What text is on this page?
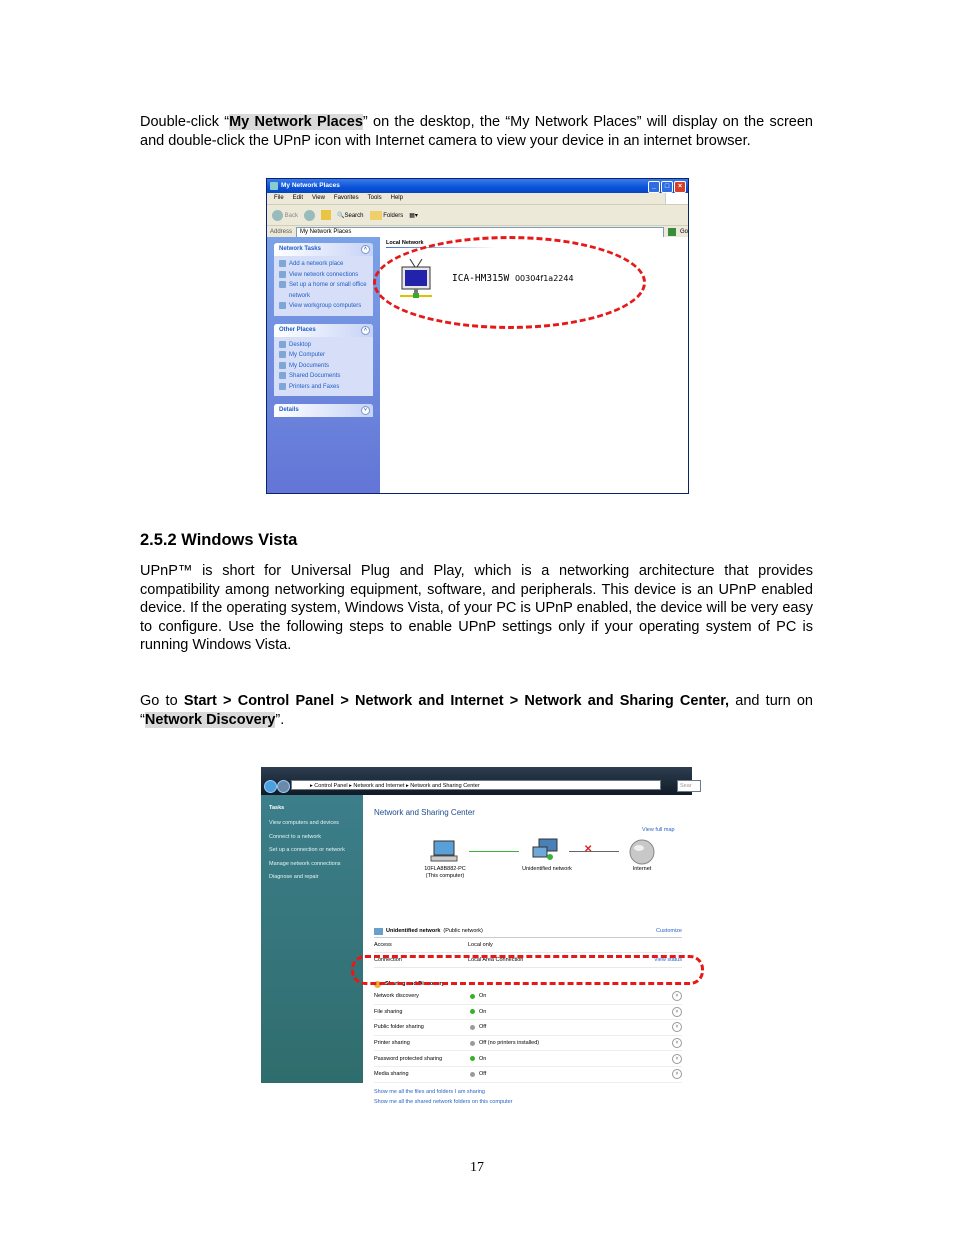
Double-click “My Network Places” on the desktop, the “My Network Places” will display on the screen and double-click the UPnP icon with Internet camera to view your device in an internet browser.

My Network Places	_	□	×
File Edit View Favorites Tools Help
Back	🔍Search	Folders ▦▾
Address	My Network Places	Go
Network Tasks	˄
Add a network place
View network connections
Set up a home or small office network
View workgroup computers
Other Places	˄
Desktop
My Computer
My Documents
Shared Documents
Printers and Faxes
Details	˅
Local Network
ICA-HM315W 00304f1a2244
2.5.2 Windows Vista

UPnP™ is short for Universal Plug and Play, which is a networking architecture that provides compatibility among networking equipment, software, and peripherals. This device is an UPnP enabled device. If the operating system, Windows Vista, of your PC is UPnP enabled, the device will be very easy to configure. Use the following steps to enable UPnP settings only if your operating system of PC is running Windows Vista.

Go to Start > Control Panel > Network and Internet > Network and Sharing Center, and turn on “Network Discovery”.

▸ Control Panel ▸ Network and Internet ▸ Network and Sharing Center	Sear
Tasks
View computers and devices
Connect to a network
Set up a connection or network
Manage network connections
Diagnose and repair
Network and Sharing Center
View full map
✕
10FLA8B882-PC
(This computer)
Unidentified network	Internet
Unidentified network (Public network)	Customize
Access	Local only
Connection	Local Area Connection	View status
Sharing and Discovery
Network discovery	On	˅
File sharing	On	˅
Public folder sharing	Off	˅
Printer sharing	Off (no printers installed)	˅
Password protected sharing	On	˅
Media sharing	Off	˅
Show me all the files and folders I am sharing
Show me all the shared network folders on this computer
17
